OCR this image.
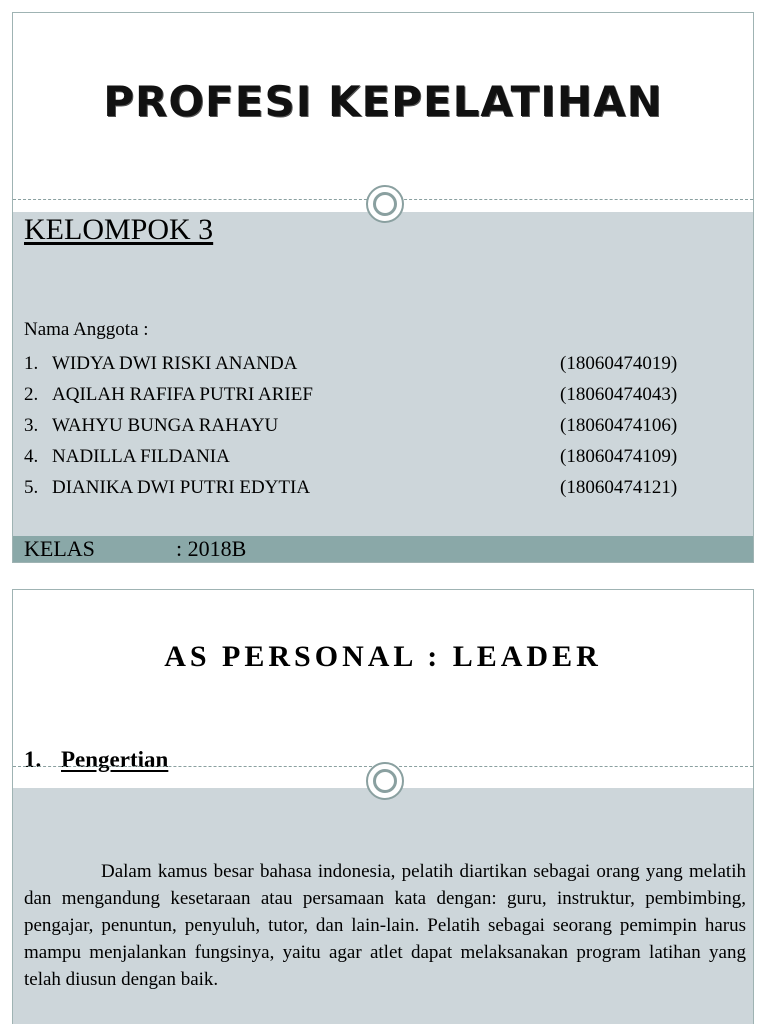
PROFESI KEPELATIHAN
KELOMPOK 3
Nama Anggota :
1. WIDYA DWI RISKI ANANDA	(18060474019)
2. AQILAH RAFIFA PUTRI ARIEF	(18060474043)
3. WAHYU BUNGA RAHAYU	(18060474106)
4. NADILLA FILDANIA	(18060474109)
5. DIANIKA DWI PUTRI EDYTIA	(18060474121)
KELAS	: 2018B
AS PERSONAL : LEADER
1. Pengertian

Dalam kamus besar bahasa indonesia, pelatih diartikan sebagai orang yang melatih dan mengandung kesetaraan atau persamaan kata dengan: guru, instruktur, pembimbing, pengajar, penuntun, penyuluh, tutor, dan lain-lain. Pelatih sebagai seorang pemimpin harus mampu menjalankan fungsinya, yaitu agar atlet dapat melaksanakan program latihan yang telah diusun dengan baik.
